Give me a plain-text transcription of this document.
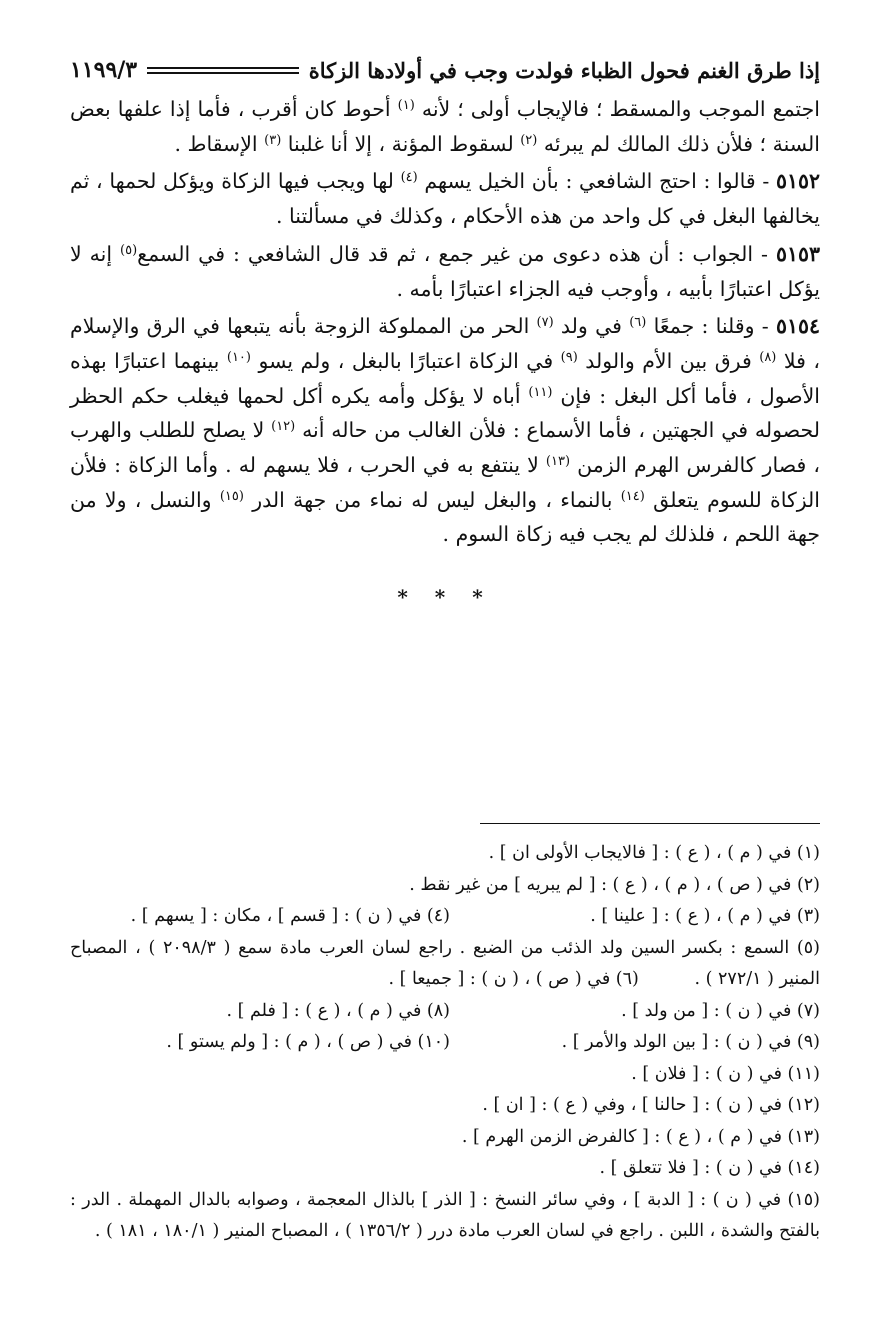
إذا طرق الغنم فحول الظباء فولدت وجب في أولادها الزكاة
١١٩٩/٣

اجتمع الموجب والمسقط ؛ فالإيجاب أولى ؛ لأنه $^{(١)}$ أحوط كان أقرب ، فأما إذا علفها بعض السنة ؛ فلأن ذلك المالك لم يبرئه $^{(٢)}$ لسقوط المؤنة ، إلا أنا غلبنا $^{(٣)}$ الإسقاط .

٥١٥٢ - قالوا : احتج الشافعي : بأن الخيل يسهم $^{(٤)}$ لها ويجب فيها الزكاة ويؤكل لحمها ، ثم يخالفها البغل في كل واحد من هذه الأحكام ، وكذلك في مسألتنا .

٥١٥٣ - الجواب : أن هذه دعوى من غير جمع ، ثم قد قال الشافعي : في السمع$^{(٥)}$ إنه لا يؤكل اعتبارًا بأبيه ، وأوجب فيه الجزاء اعتبارًا بأمه .

٥١٥٤ - وقلنا : جمعًا $^{(٦)}$ في ولد $^{(٧)}$ الحر من المملوكة الزوجة بأنه يتبعها في الرق والإسلام ، فلا $^{(٨)}$ فرق بين الأم والولد $^{(٩)}$ في الزكاة اعتبارًا بالبغل ، ولم يسو $^{(١٠)}$ بينهما اعتبارًا بهذه الأصول ، فأما أكل البغل : فإن $^{(١١)}$ أباه لا يؤكل وأمه يكره أكل لحمها فيغلب حكم الحظر لحصوله في الجهتين ، فأما الأسماع : فلأن الغالب من حاله أنه $^{(١٢)}$ لا يصلح للطلب والهرب ، فصار كالفرس الهرم الزمن $^{(١٣)}$ لا ينتفع به في الحرب ، فلا يسهم له . وأما الزكاة : فلأن الزكاة للسوم يتعلق $^{(١٤)}$ بالنماء ، والبغل ليس له نماء من جهة الدر $^{(١٥)}$ والنسل ، ولا من جهة اللحم ، فلذلك لم يجب فيه زكاة السوم .

* * *
(١) في ( م ) ، ( ع ) : [ فالايجاب الأولى ان ] .
(٢) في ( ص ) ، ( م ) ، ( ع ) : [ لم يبريه ] من غير نقط .
(٣) في ( م ) ، ( ع ) : [ علينا ] .
(٤) في ( ن ) : [ قسم ] ، مكان : [ يسهم ] .
(٥) السمع : بكسر السين ولد الذئب من الضبع . راجع لسان العرب مادة سمع ( ٢٠٩٨/٣ ) ، المصباح المنير ( ٢٧٢/١ ) .          (٦) في ( ص ) ، ( ن ) : [ جميعا ] .
(٧) في ( ن ) : [ من ولد ] .
(٨) في ( م ) ، ( ع ) : [ فلم ] .
(٩) في ( ن ) : [ بين الولد والأمر ] .
(١٠) في ( ص ) ، ( م ) : [ ولم يستو ] .
(١١) في ( ن ) : [ فلان ] .
(١٢) في ( ن ) : [ حالنا ] ، وفي ( ع ) : [ ان ] .
(١٣) في ( م ) ، ( ع ) : [ كالفرض الزمن الهرم ] .
(١٤) في ( ن ) : [ فلا تتعلق ] .
(١٥) في ( ن ) : [ الدبة ] ، وفي سائر النسخ : [ الذر ] بالذال المعجمة ، وصوابه بالدال المهملة . الدر : بالفتح والشدة ، اللبن . راجع في لسان العرب مادة درر ( ١٣٥٦/٢ ) ، المصباح المنير ( ١٨٠/١ ، ١٨١ ) .
